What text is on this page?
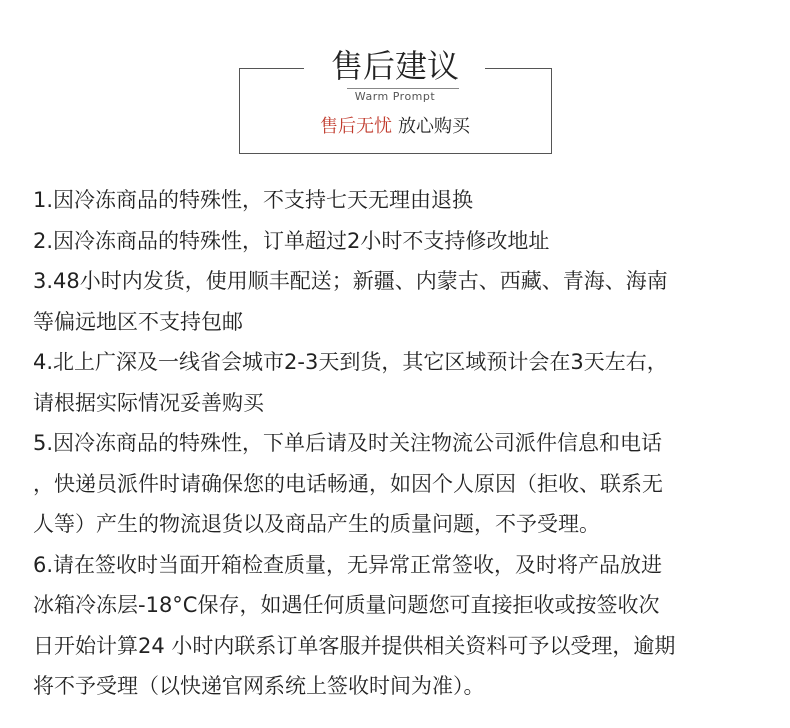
售后建议
Warm Prompt
售后无忧 放心购买
1.因冷冻商品的特殊性，不支持七天无理由退换
2.因冷冻商品的特殊性，订单超过2小时不支持修改地址
3.48小时内发货，使用顺丰配送；新疆、内蒙古、西藏、青海、海南
等偏远地区不支持包邮
4.北上广深及一线省会城市2-3天到货，其它区域预计会在3天左右，
请根据实际情况妥善购买
5.因冷冻商品的特殊性，下单后请及时关注物流公司派件信息和电话
，快递员派件时请确保您的电话畅通，如因个人原因（拒收、联系无
人等）产生的物流退货以及商品产生的质量问题，不予受理。
6.请在签收时当面开箱检查质量，无异常正常签收，及时将产品放进
冰箱冷冻层-18°C保存，如遇任何质量问题您可直接拒收或按签收次
日开始计算24 小时内联系订单客服并提供相关资料可予以受理，逾期
将不予受理（以快递官网系统上签收时间为准）。
